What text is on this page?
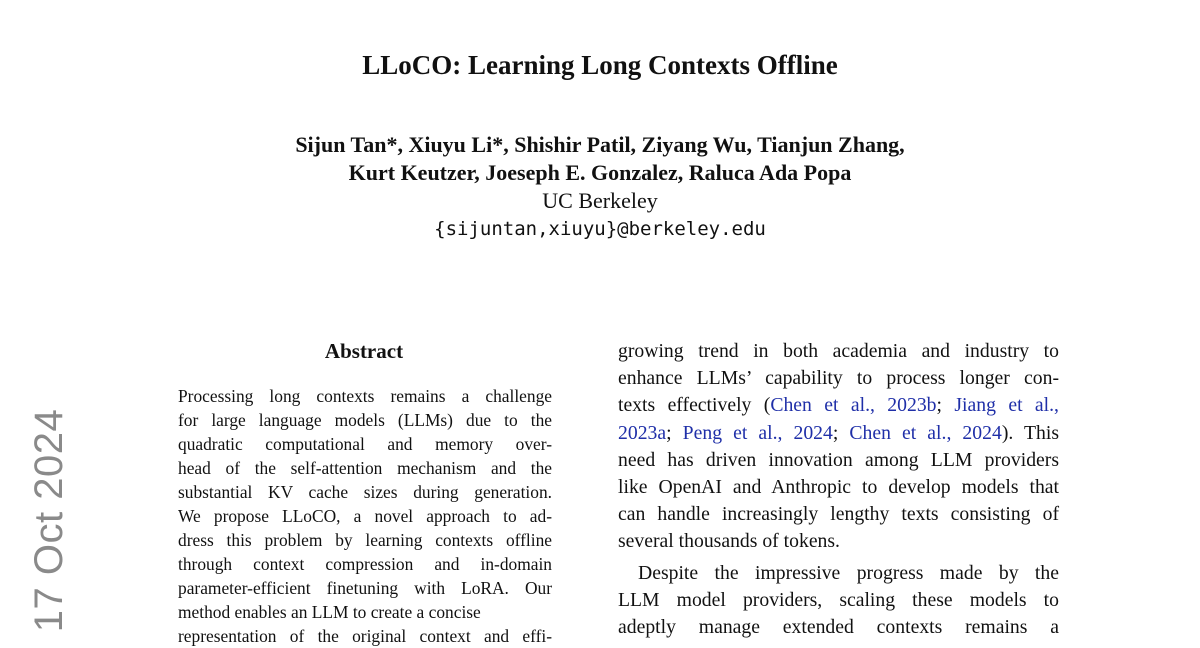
17 Oct 2024
LLoCO: Learning Long Contexts Offline

Sijun Tan*, Xiuyu Li*, Shishir Patil, Ziyang Wu, Tianjun Zhang,

Kurt Keutzer, Joeseph E. Gonzalez, Raluca Ada Popa

UC Berkeley

{sijuntan,xiuyu}@berkeley.edu

Abstract
Processing long contexts remains a challenge
for large language models (LLMs) due to the
quadratic computational and memory over-
head of the self-attention mechanism and the
substantial KV cache sizes during generation.
We propose LLoCO, a novel approach to ad-
dress this problem by learning contexts offline
through context compression and in-domain
parameter-efficient finetuning with LoRA. Our
method enables an LLM to create a concise
representation of the original context and effi-
growing trend in both academia and industry to
enhance LLMs’ capability to process longer con-
texts effectively (Chen et al., 2023b; Jiang et al.,
2023a; Peng et al., 2024; Chen et al., 2024). This
need has driven innovation among LLM providers
like OpenAI and Anthropic to develop models that
can handle increasingly lengthy texts consisting of
several thousands of tokens.
Despite the impressive progress made by the
LLM model providers, scaling these models to
adeptly manage extended contexts remains a
